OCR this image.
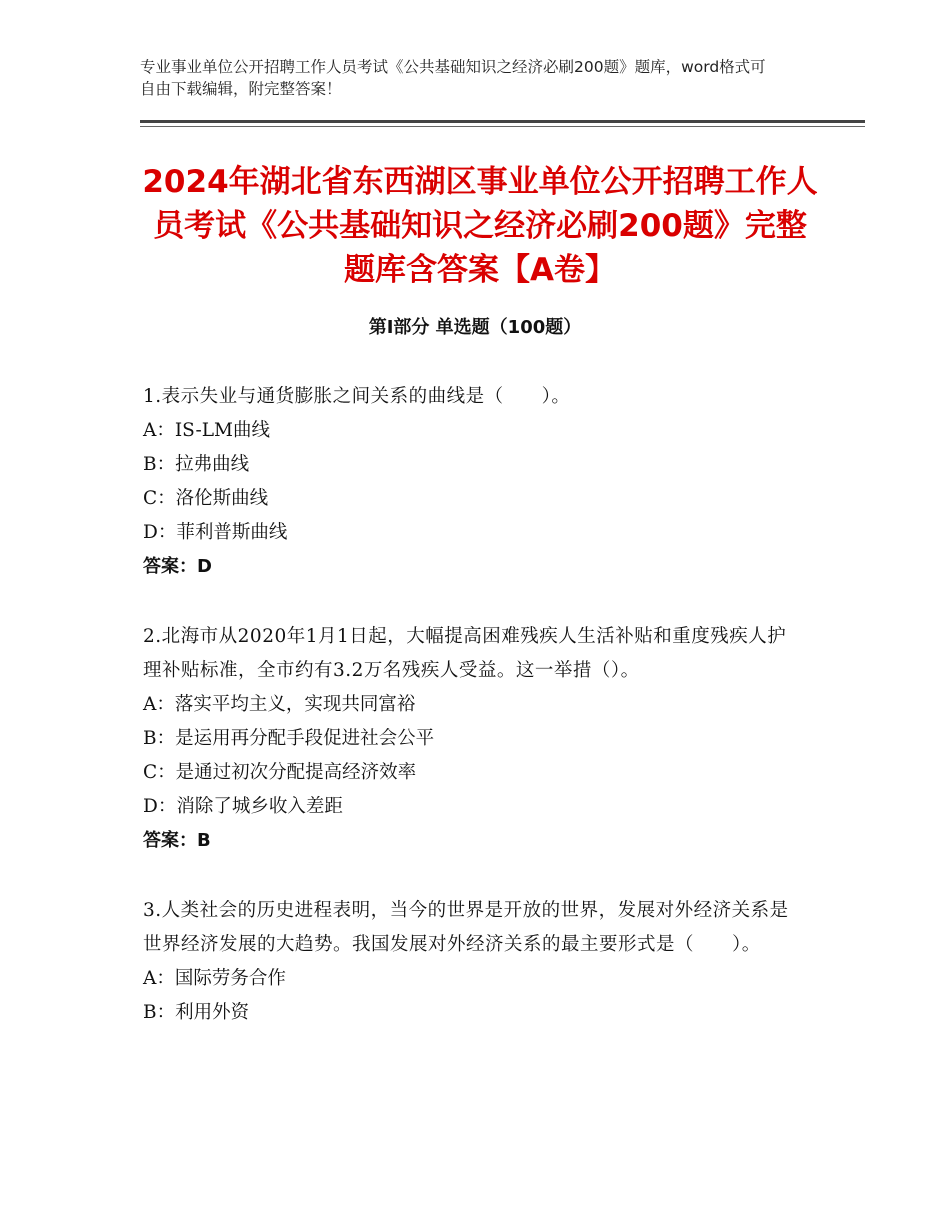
专业事业单位公开招聘工作人员考试《公共基础知识之经济必刷200题》题库，word格式可自由下载编辑，附完整答案！
2024年湖北省东西湖区事业单位公开招聘工作人员考试《公共基础知识之经济必刷200题》完整题库含答案【A卷】
第Ⅰ部分 单选题（100题）
1.表示失业与通货膨胀之间关系的曲线是（　　）。
A：IS-LM曲线
B：拉弗曲线
C：洛伦斯曲线
D：菲利普斯曲线
答案：D
2.北海市从2020年1月1日起，大幅提高困难残疾人生活补贴和重度残疾人护理补贴标准，全市约有3.2万名残疾人受益。这一举措（）。
A：落实平均主义，实现共同富裕
B：是运用再分配手段促进社会公平
C：是通过初次分配提高经济效率
D：消除了城乡收入差距
答案：B
3.人类社会的历史进程表明，当今的世界是开放的世界，发展对外经济关系是世界经济发展的大趋势。我国发展对外经济关系的最主要形式是（　　）。
A：国际劳务合作
B：利用外资
